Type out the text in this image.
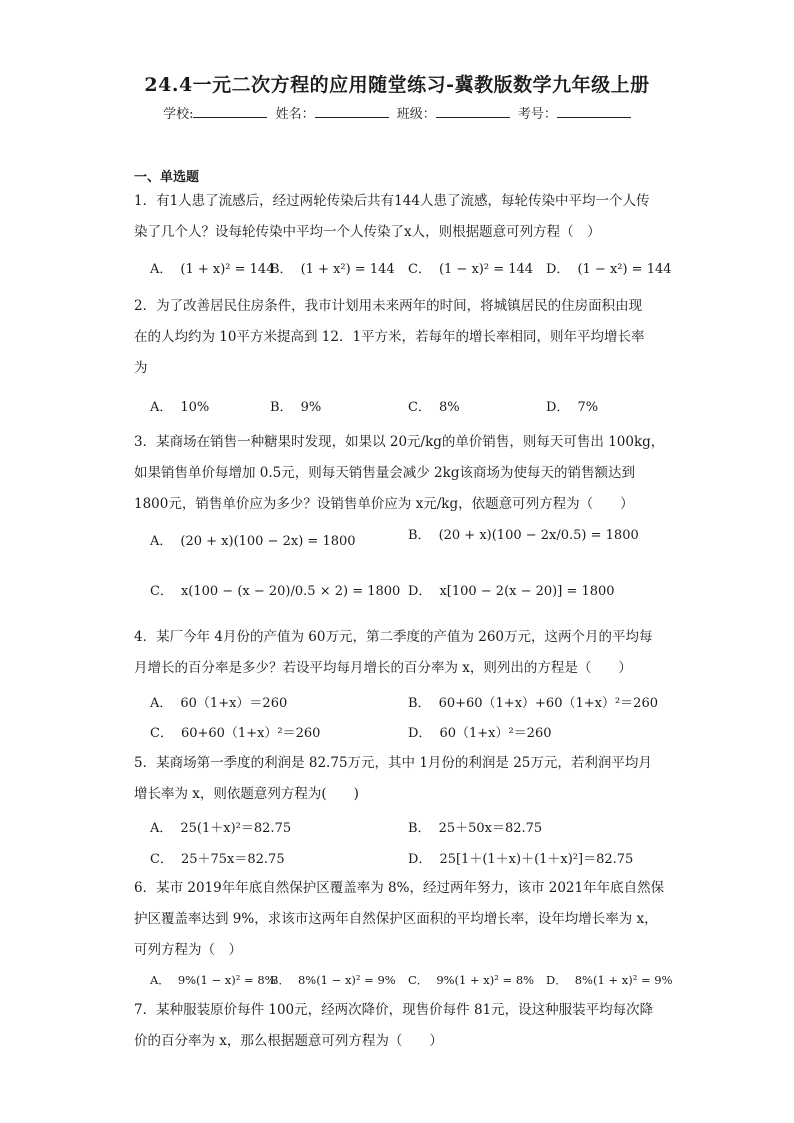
24.4一元二次方程的应用随堂练习-冀教版数学九年级上册
学校:	姓名：	班级：	考号：
一、单选题
1．有1人患了流感后，经过两轮传染后共有144人患了流感，每轮传染中平均一个人传
染了几个人？设每轮传染中平均一个人传染了x人，则根据题意可列方程（　）
A． (1 + x)² = 144
B． (1 + x²) = 144 C． (1 − x)² = 144 D． (1 − x²) = 144
2．为了改善居民住房条件，我市计划用未来两年的时间，将城镇居民的住房面积由现
在的人均约为 10平方米提高到 12．1平方米，若每年的增长率相同，则年平均增长率
为
A． 10%	B． 9%	C． 8%	D． 7%
3．某商场在销售一种糖果时发现，如果以 20元/kg的单价销售，则每天可售出 100kg，
如果销售单价每增加 0.5元，则每天销售量会减少 2kg该商场为使每天的销售额达到
1800元，销售单价应为多少？设销售单价应为 x元/kg，依题意可列方程为（　　）
A． (20 + x)(100 − 2x) = 1800	B． (20 + x)(100 − 2x/0.5) = 1800
C． x(100 − (x − 20)/0.5 × 2) = 1800 D． x[100 − 2(x − 20)] = 1800
4．某厂今年 4月份的产值为 60万元，第二季度的产值为 260万元，这两个月的平均每
月增长的百分率是多少？若设平均每月增长的百分率为 x，则列出的方程是（　　）
A． 60（1+x）＝260	B． 60+60（1+x）+60（1+x）²＝260
C． 60+60（1+x）²＝260	D． 60（1+x）²＝260
5．某商场第一季度的利润是 82.75万元，其中 1月份的利润是 25万元，若利润平均月
增长率为 x，则依题意列方程为(　　)
A． 25(1＋x)²＝82.75	B． 25＋50x＝82.75
C． 25＋75x＝82.75	D． 25[1＋(1＋x)＋(1＋x)²]＝82.75
6．某市 2019年年底自然保护区覆盖率为 8%，经过两年努力，该市 2021年年底自然保
护区覆盖率达到 9%，求该市这两年自然保护区面积的平均增长率，设年均增长率为 x，
可列方程为（　）
A． 9%(1 − x)² = 8%
B． 8%(1 − x)² = 9% C． 9%(1 + x)² = 8% D． 8%(1 + x)² = 9%
7．某种服装原价每件 100元，经两次降价，现售价每件 81元，设这种服装平均每次降
价的百分率为 x，那么根据题意可列方程为（　　）
